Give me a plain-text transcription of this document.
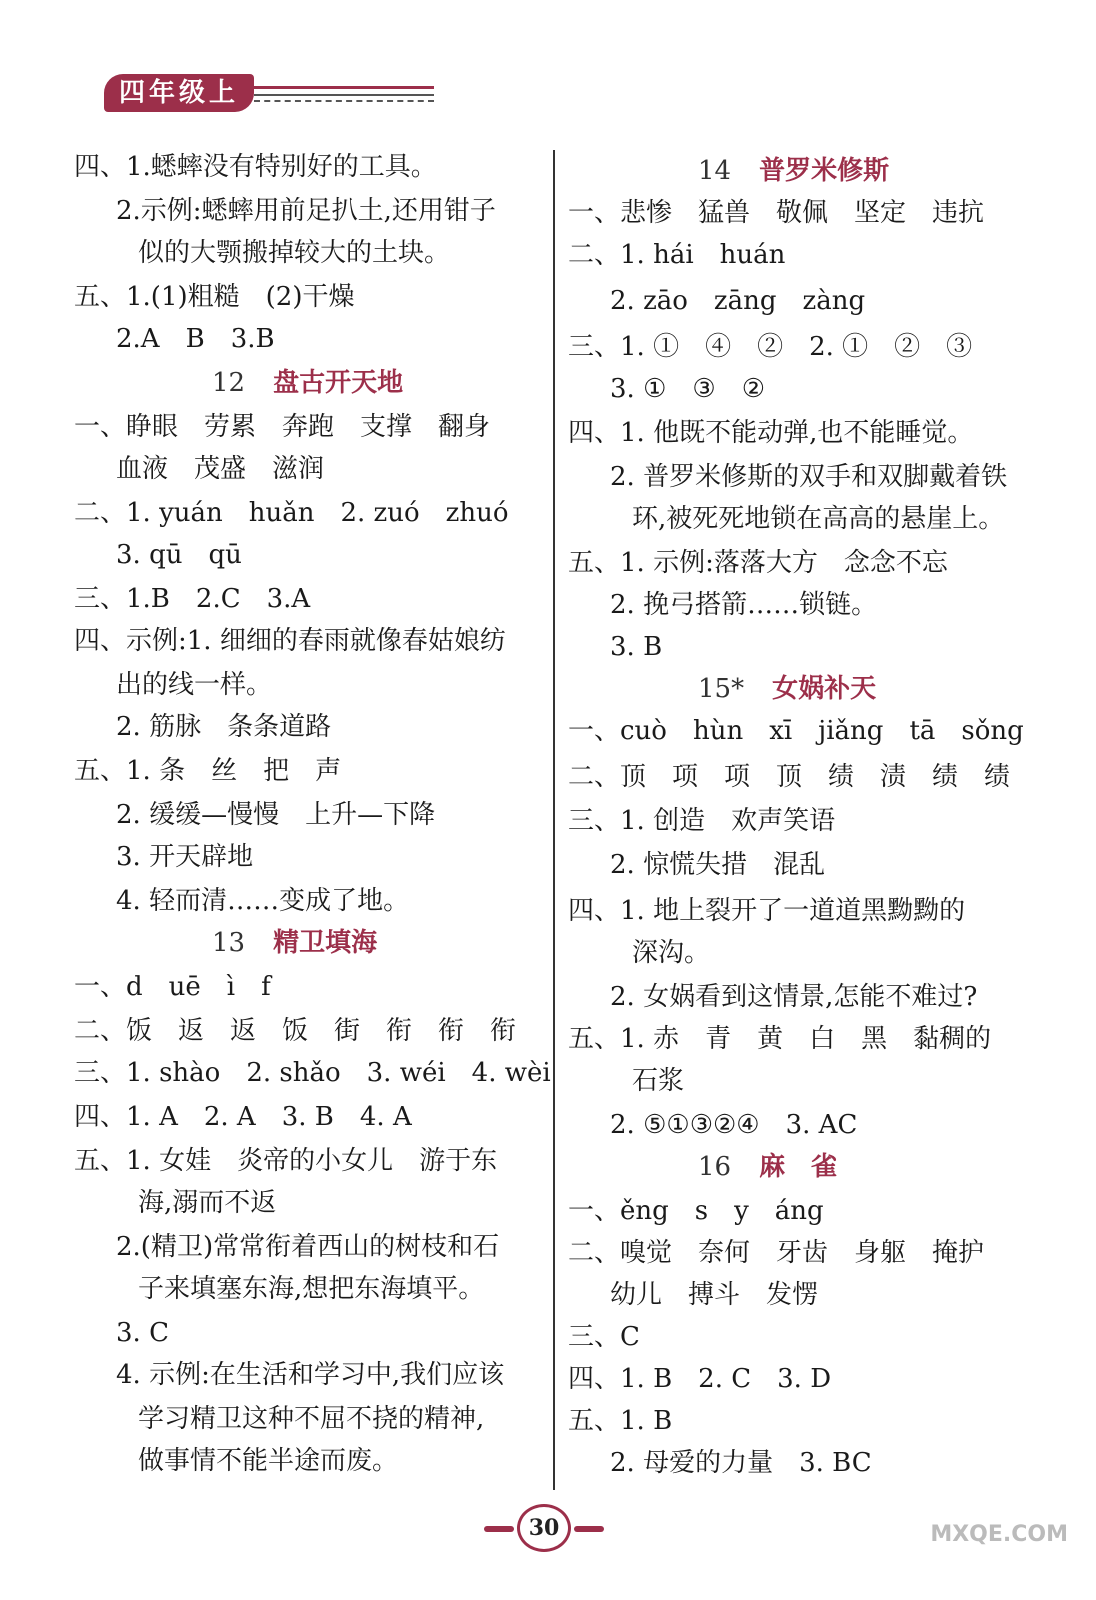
四年级上
四、1.蟋蟀没有特别好的工具。
2.示例:蟋蟀用前足扒土,还用钳子
似的大颚搬掉较大的土块。
五、1.(1)粗糙　(2)干燥
2.A　B　3.B
12 盘古开天地
一、睁眼　劳累　奔跑　支撑　翻身
血液　茂盛　滋润
二、1. yuán　huǎn　2. zuó　zhuó
3. qū　qū
三、1.B　2.C　3.A
四、示例:1. 细细的春雨就像春姑娘纺
出的线一样。
2. 筋脉　条条道路
五、1. 条　丝　把　声
2. 缓缓—慢慢　上升—下降
3. 开天辟地
4. 轻而清……变成了地。
13 精卫填海
一、d　uē　ì　f
二、饭　返　返　饭　街　衔　衔　衔
三、1. shào　2. shǎo　3. wéi　4. wèi
四、1. A　2. A　3. B　4. A
五、1. 女娃　炎帝的小女儿　游于东
海,溺而不返
2.(精卫)常常衔着西山的树枝和石
子来填塞东海,想把东海填平。
3. C
4. 示例:在生活和学习中,我们应该
学习精卫这种不屈不挠的精神,
做事情不能半途而废。
14 普罗米修斯
一、悲惨　猛兽　敬佩　坚定　违抗
二、1. hái　huán
2. zāo　zāng　zàng
三、1. ①　④　②　2. ①　②　③
3. ①　③　②
四、1. 他既不能动弹,也不能睡觉。
2. 普罗米修斯的双手和双脚戴着铁
环,被死死地锁在高高的悬崖上。
五、1. 示例:落落大方　念念不忘
2. 挽弓搭箭……锁链。
3. B
15* 女娲补天
一、cuò　hùn　xī　jiǎng　tā　sǒng
二、顶　项　项　顶　绩　渍　绩　绩
三、1. 创造　欢声笑语
2. 惊慌失措　混乱
四、1. 地上裂开了一道道黑黝黝的
深沟。
2. 女娲看到这情景,怎能不难过?
五、1. 赤　青　黄　白　黑　黏稠的
石浆
2. ⑤①③②④　3. AC
16 麻　雀
一、ěng　s　y　áng
二、嗅觉　奈何　牙齿　身躯　掩护
幼儿　搏斗　发愣
三、C
四、1. B　2. C　3. D
五、1. B
2. 母爱的力量　3. BC
30	MXQE.COM
